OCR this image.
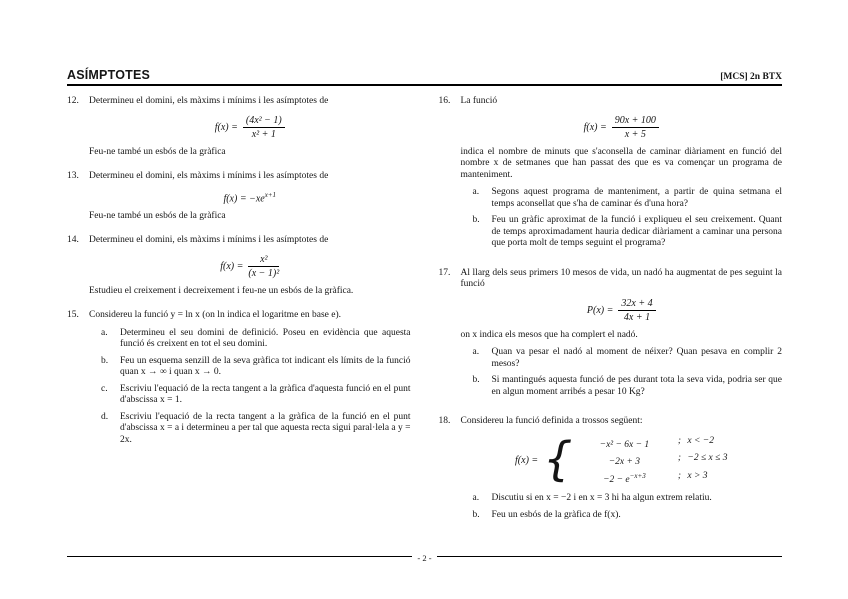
ASÍMPTOTES	[MCS] 2n BTX
12.	Determineu el domini, els màxims i mínims i les asímptotes de
$f(x) = \frac{\text{(4x² − 1)}}{\text{x² + 1}}$
Feu-ne també un esbós de la gràfica
13.	Determineu el domini, els màxims i mínims i les asímptotes de
$f(x) = -xe^{x+1}$
Feu-ne també un esbós de la gràfica
14.	Determineu el domini, els màxims i mínims i les asímptotes de
$f(x) = \frac{\text{x²}}{\text{(x − 1)²}}$
Estudieu el creixement i decreixement i feu-ne un esbós de la gràfica.
15.	Considereu la funció y = ln x (on ln indica el logaritme en base e).
a.	Determineu el seu domini de definició. Poseu en evidència que aquesta funció és creixent en tot el seu domini.
b.	Feu un esquema senzill de la seva gràfica tot indicant els límits de la funció quan x → ∞ i quan x → 0.
c.	Escriviu l'equació de la recta tangent a la gràfica d'aquesta funció en el punt d'abscissa x = 1.
d.	Escriviu l'equació de la recta tangent a la gràfica de la funció en el punt d'abscissa x = a i determineu a per tal que aquesta recta sigui paral·lela a y = 2x.
16.	La funció
$f(x) = \frac{90x + 100}{x + 5}$
indica el nombre de minuts que s'aconsella de caminar diàriament en funció del nombre x de setmanes que han passat des que es va començar un programa de manteniment.
a.	Segons aquest programa de manteniment, a partir de quina setmana el temps aconsellat que s'ha de caminar és d'una hora?
b.	Feu un gràfic aproximat de la funció i expliqueu el seu creixement. Quant de temps aproximadament hauria dedicar diàriament a caminar una persona que porta molt de temps seguint el programa?
17.	Al llarg dels seus primers 10 mesos de vida, un nadó ha augmentat de pes seguint la funció
$P(x) = \frac{32x + 4}{4x + 1}$
on x indica els mesos que ha complert el nadó.
a.	Quan va pesar el nadó al moment de néixer? Quan pesava en complir 2 mesos?
b.	Si mantingués aquesta funció de pes durant tota la seva vida, podria ser que en algun moment arribés a pesar 10 Kg?
18.	Considereu la funció definida a trossos següent:
f(x) = {	−x² − 6x − 1	; x < −2
−2x + 3	; −2 ≤ x ≤ 3
$-2 - e^{-x+3}$	; x > 3
a.	Discutiu si en x = −2 i en x = 3 hi ha algun extrem relatiu.
b.	Feu un esbós de la gràfica de f(x).
- 2 -
